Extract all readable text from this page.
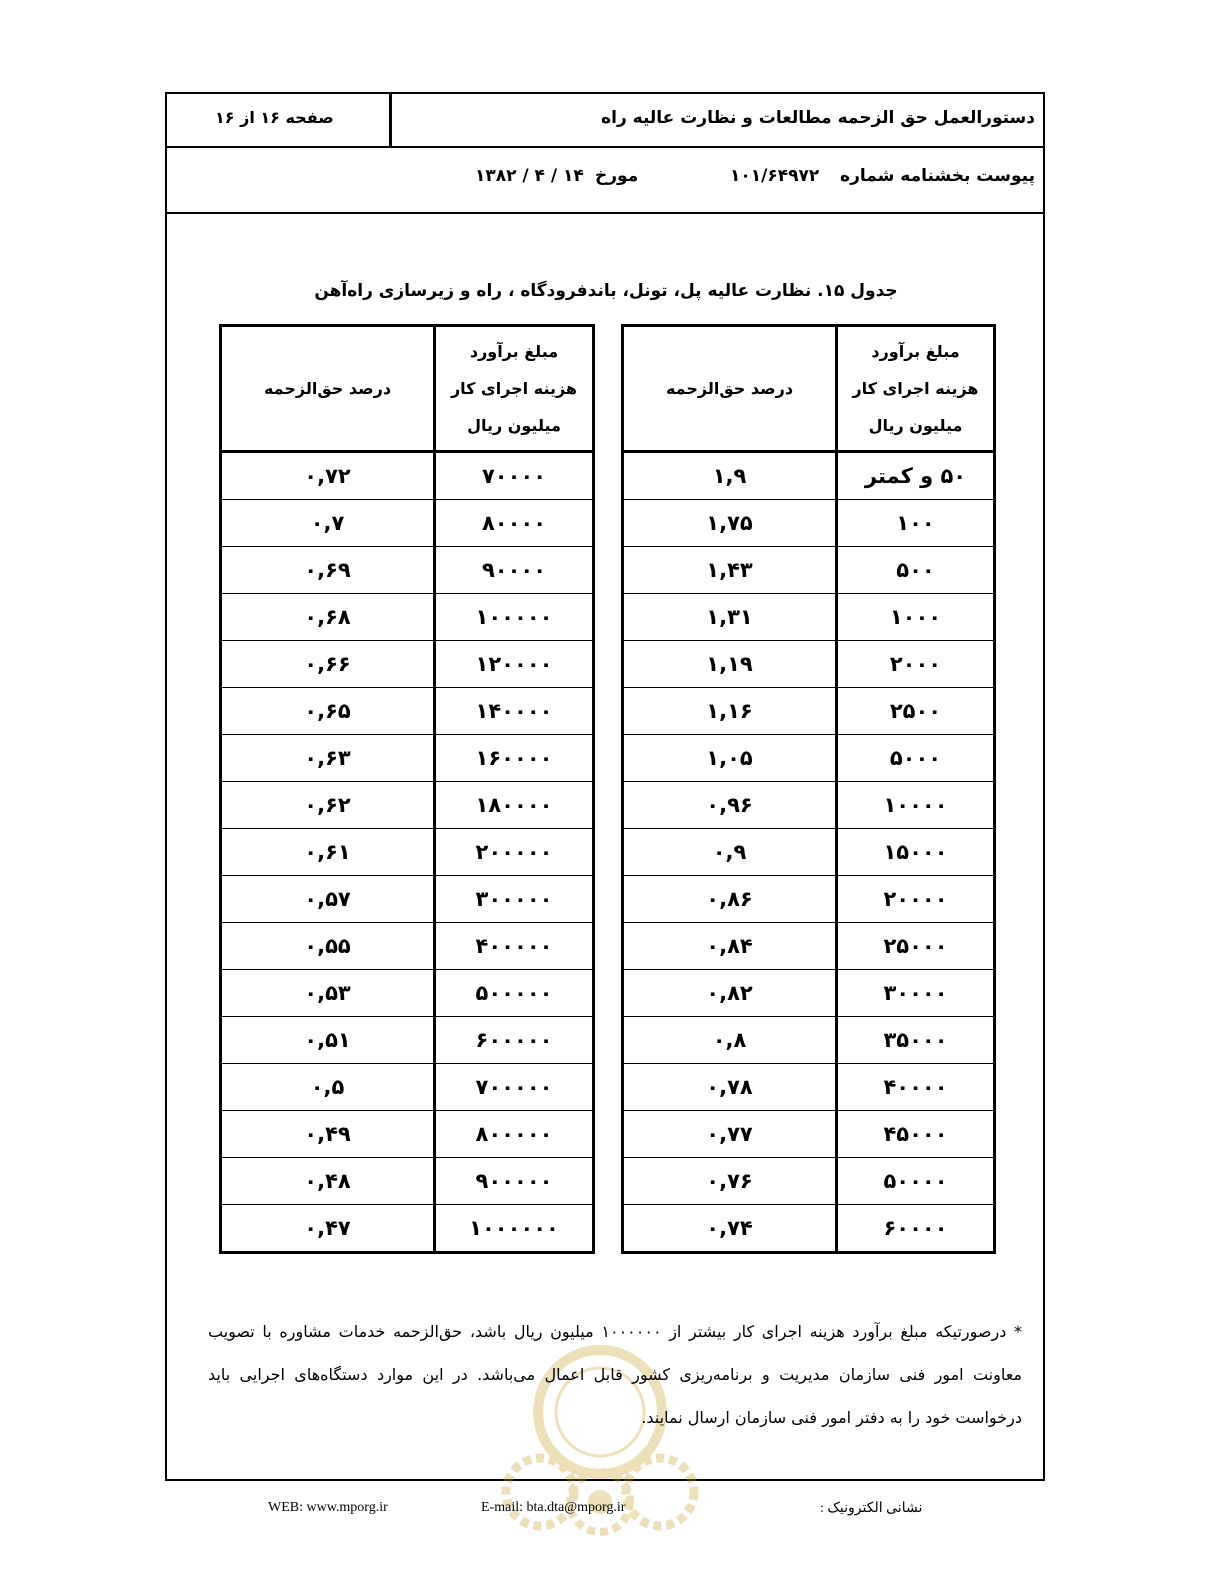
دستورالعمل حق الزحمه مطالعات و نظارت عالیه راه
صفحه ۱۶ از ۱۶
پیوست بخشنامه شماره
۱۰۱/۶۴۹۷۲
مورخ
۱۳۸۲ / ۴ / ۱۴
جدول ۱۵. نظارت عالیه پل، تونل، باندفرودگاه ، راه و زیرسازی راه‌آهن
مبلغ برآورد
هزینه اجرای کار
میلیون ریال	درصد حق‌الزحمه
۵۰ و کمتر	۱,۹
۱۰۰	۱,۷۵
۵۰۰	۱,۴۳
۱۰۰۰	۱,۳۱
۲۰۰۰	۱,۱۹
۲۵۰۰	۱,۱۶
۵۰۰۰	۱,۰۵
۱۰۰۰۰	۰,۹۶
۱۵۰۰۰	۰,۹
۲۰۰۰۰	۰,۸۶
۲۵۰۰۰	۰,۸۴
۳۰۰۰۰	۰,۸۲
۳۵۰۰۰	۰,۸
۴۰۰۰۰	۰,۷۸
۴۵۰۰۰	۰,۷۷
۵۰۰۰۰	۰,۷۶
۶۰۰۰۰	۰,۷۴
مبلغ برآورد
هزینه اجرای کار
میلیون ریال	درصد حق‌الزحمه
۷۰۰۰۰	۰,۷۲
۸۰۰۰۰	۰,۷
۹۰۰۰۰	۰,۶۹
۱۰۰۰۰۰	۰,۶۸
۱۲۰۰۰۰	۰,۶۶
۱۴۰۰۰۰	۰,۶۵
۱۶۰۰۰۰	۰,۶۳
۱۸۰۰۰۰	۰,۶۲
۲۰۰۰۰۰	۰,۶۱
۳۰۰۰۰۰	۰,۵۷
۴۰۰۰۰۰	۰,۵۵
۵۰۰۰۰۰	۰,۵۳
۶۰۰۰۰۰	۰,۵۱
۷۰۰۰۰۰	۰,۵
۸۰۰۰۰۰	۰,۴۹
۹۰۰۰۰۰	۰,۴۸
۱۰۰۰۰۰۰	۰,۴۷
* درصورتیکه مبلغ برآورد هزینه اجرای کار بیشتر از ۱۰۰۰۰۰۰ میلیون ریال باشد، حق‌الزحمه خدمات مشاوره با تصویب معاونت امور فنی سازمان مدیریت و برنامه‌ریزی کشور قابل اعمال می‌باشد. در این موارد دستگاه‌های اجرایی باید درخواست خود را به دفتر امور فنی سازمان ارسال نمایند.
نشانی الکترونیک :
E-mail: bta.dta@mporg.ir
WEB: www.mporg.ir
